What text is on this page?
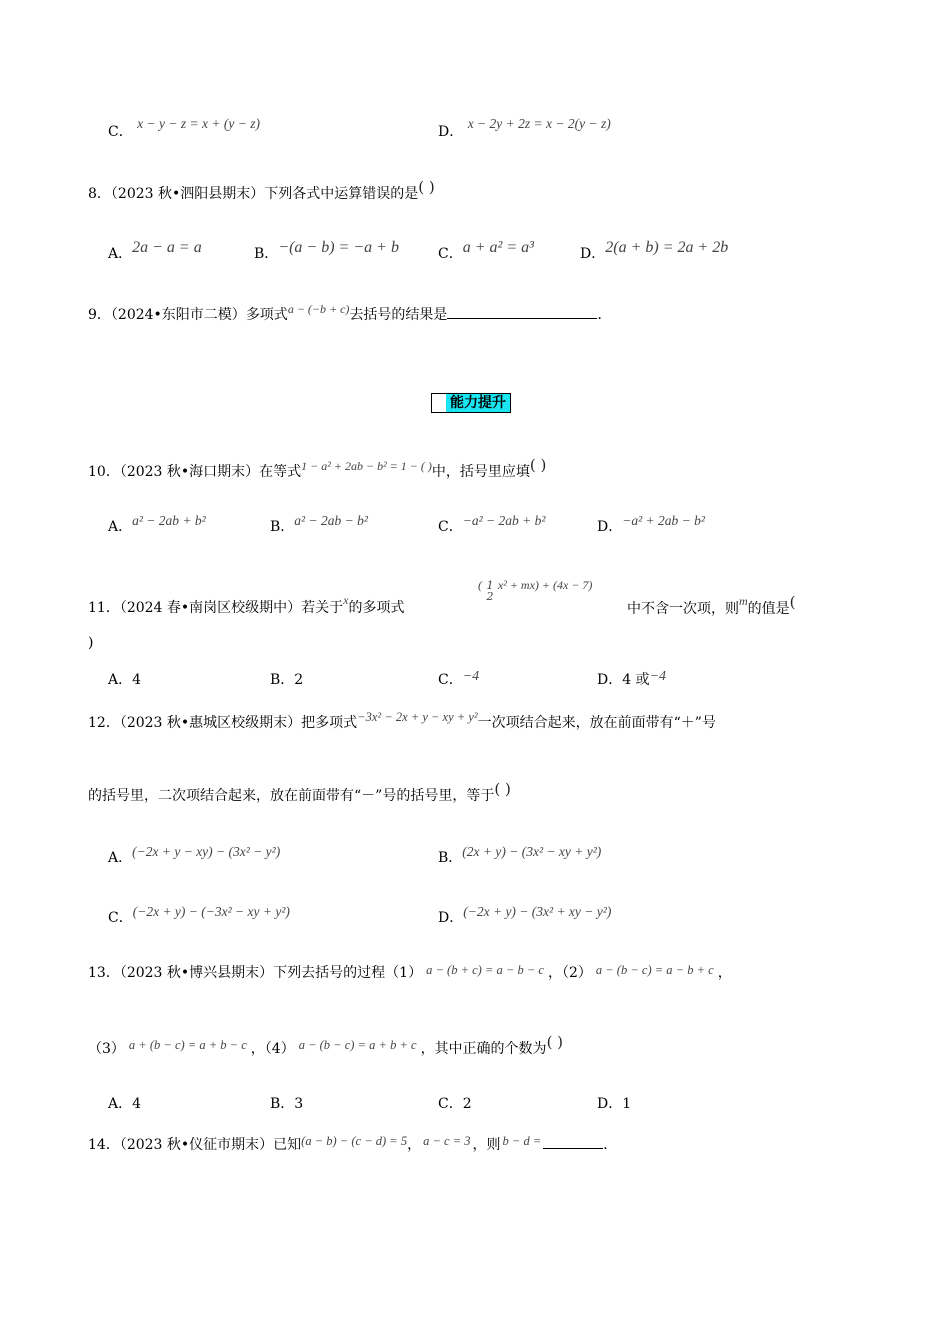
C． x − y − z = x + (y − z)
D． x − 2y + 2z = x − 2(y − z)
8．（2023 秋•泗阳县期末）下列各式中运算错误的是( )
A．2a − a = a	B．−(a − b) = −a + b	C．a + a² = a³	D．2(a + b) = 2a + 2b
9．（2024•东阳市二模）多项式a − (−b + c)去括号的结果是	．
能力提升
10．（2023 秋•海口期末）在等式1 − a² + 2ab − b² = 1 − ( )中，括号里应填( )
A．a² − 2ab + b²	B．a² − 2ab − b²	C．−a² − 2ab + b²	D．−a² + 2ab − b²
11．（2024 春•南岗区校级期中）若关于x的多项式
( 1
2 x² + mx) + (4x − 7)
中不含一次项，则m的值是(
)
A．4	B．2	C．−4	D．4 或−4
12．（2023 秋•惠城区校级期末）把多项式−3x² − 2x + y − xy + y²一次项结合起来，放在前面带有“＋”号
的括号里，二次项结合起来，放在前面带有“－”号的括号里，等于( )
A．(−2x + y − xy) − (3x² − y²)	B．(2x + y) − (3x² − xy + y²)
C．(−2x + y) − (−3x² − xy + y²)	D．(−2x + y) − (3x² + xy − y²)
13．（2023 秋•博兴县期末）下列去括号的过程（1） a − (b + c) = a − b − c ，（2） a − (b − c) = a − b + c ，
（3） a + (b − c) = a + b − c ，（4） a − (b − c) = a + b + c ，其中正确的个数为( )
A．4	B．3	C．2	D．1
14．（2023 秋•仪征市期末）已知(a − b) − (c − d) = 5， a − c = 3 ，则 b − d =	．
